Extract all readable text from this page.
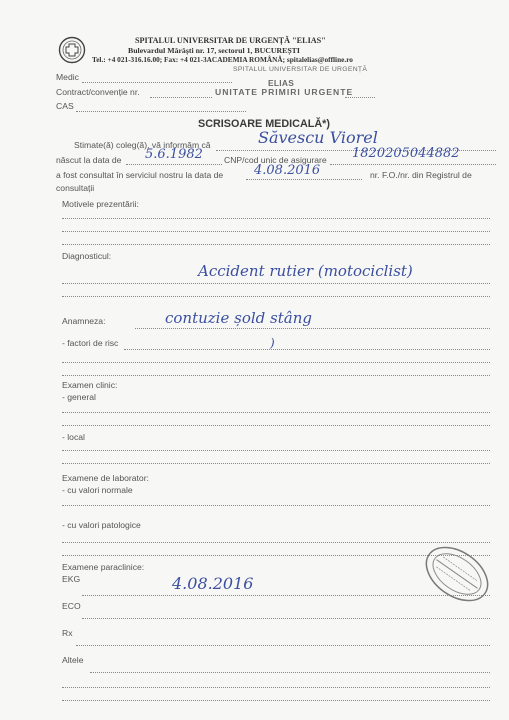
SPITALUL UNIVERSITAR DE URGENȚĂ "ELIAS"
Bulevardul Mărăști nr. 17, sectorul 1, BUCUREȘTI
Tel.: +4 021-316.16.00; Fax: +4 021-3ACADEMIA ROMÂNĂ; spitalelias@offline.ro
SPITALUL UNIVERSITAR DE URGENȚĂ
ELIAS
UNITATE PRIMIRI URGENTE
Medic
Contract/convenție nr.
CAS
SCRISOARE MEDICALĂ*)
Stimate(ă) coleg(ă), vă informăm că	Săvescu Viorel
născut la data de 5.6.1982 CNP/cod unic de asigurare 1820205044882
a fost consultat în serviciul nostru la data de 4.08.2016	nr. F.O./nr. din Registrul de
consultații
Motivele prezentării:
Diagnosticul:
Accident rutier (motociclist)
Anamneza:	contuzie șold stâng
- factori de risc	)
Examen clinic:
- general
- local
Examene de laborator:
- cu valori normale
- cu valori patologice
Examene paraclinice:
EKG	4.08.2016
ECO
Rx
Altele
